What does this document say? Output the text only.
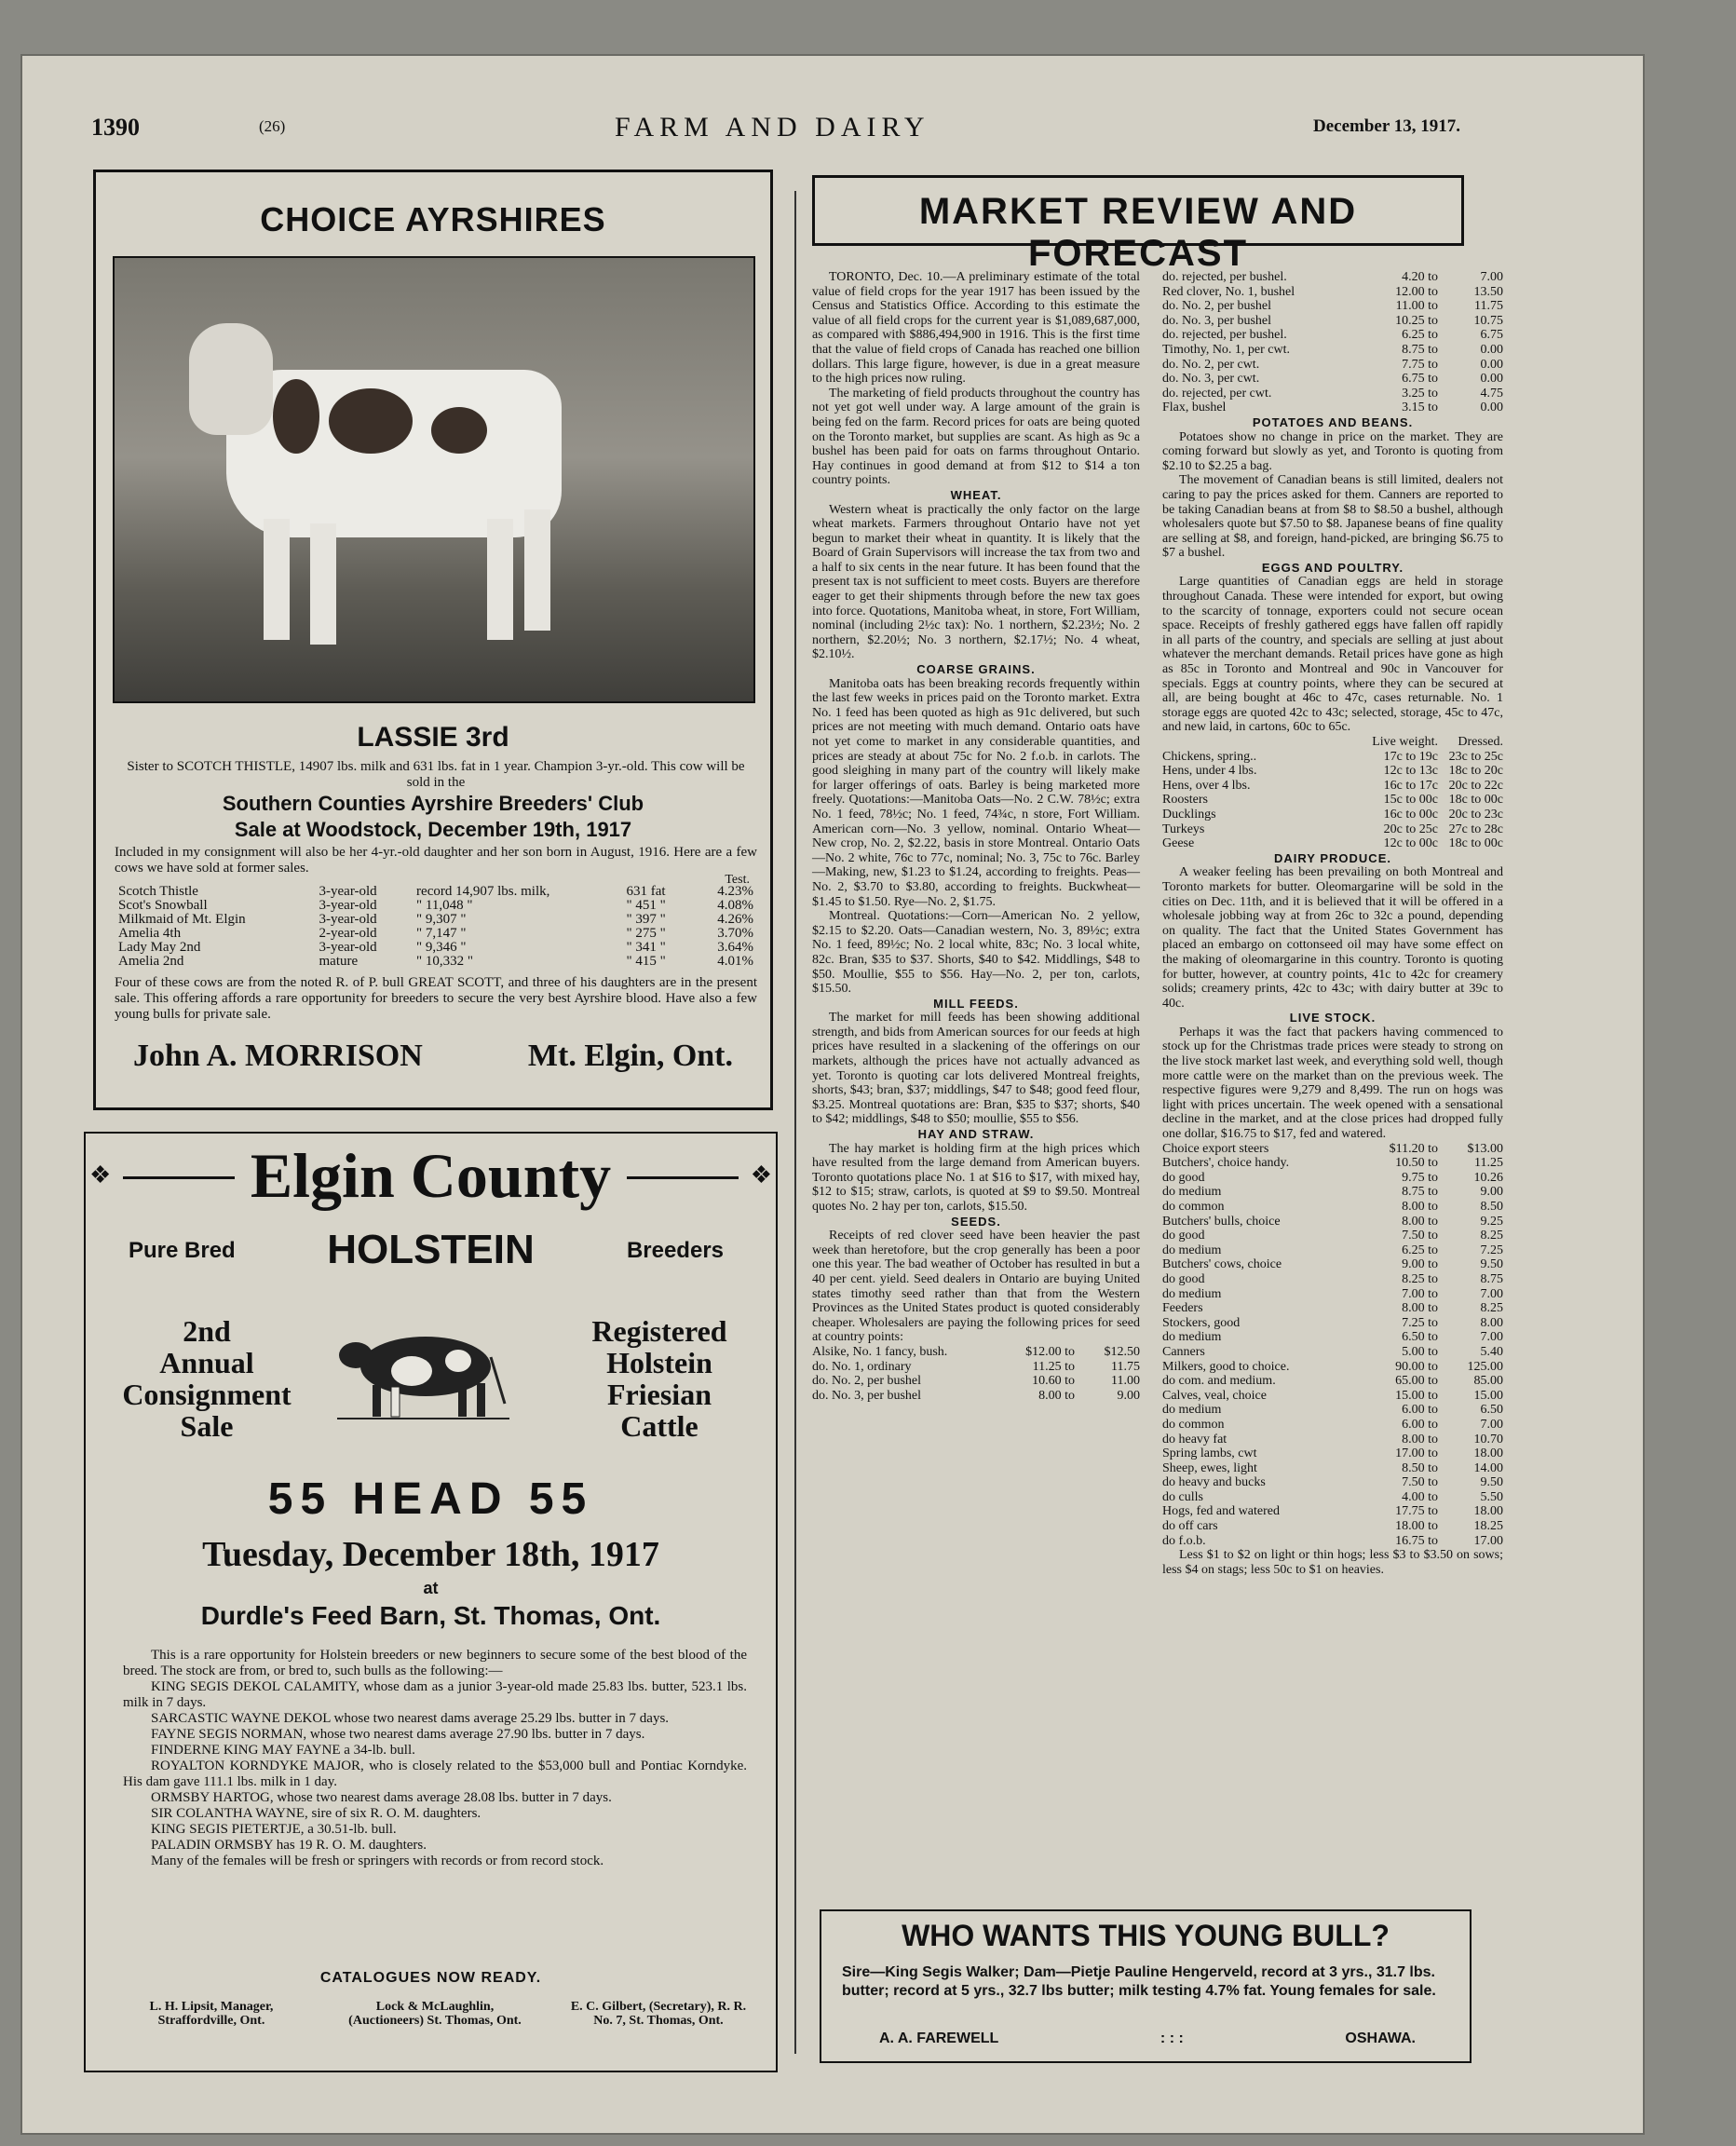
1390	(26)	FARM AND DAIRY	December 13, 1917.
CHOICE AYRSHIRES
LASSIE 3rd
Sister to SCOTCH THISTLE, 14907 lbs. milk and 631 lbs. fat in 1 year. Champion 3-yr.-old. This cow will be sold in the
Southern Counties Ayrshire Breeders' Club
Sale at Woodstock, December 19th, 1917
Included in my consignment will also be her 4-yr.-old daughter and her son born in August, 1916. Here are a few cows we have sold at former sales.
Scotch Thistle	3-year-old	record 14,907 lbs. milk,	631 fat	4.23%
Scot's Snowball	3-year-old	" 11,048 "	" 451 "	4.08%
Milkmaid of Mt. Elgin	3-year-old	" 9,307 "	" 397 "	4.26%
Amelia 4th	2-year-old	" 7,147 "	" 275 "	3.70%
Lady May 2nd	3-year-old	" 9,346 "	" 341 "	3.64%
Amelia 2nd	mature	" 10,332 "	" 415 "	4.01%
Test.
Four of these cows are from the noted R. of P. bull GREAT SCOTT, and three of his daughters are in the present sale. This offering affords a rare opportunity for breeders to secure the very best Ayrshire blood. Have also a few young bulls for private sale.
John A. MORRISON	Mt. Elgin, Ont.
❖	❖
Elgin County
Pure Bred	HOLSTEIN	Breeders
2nd
Annual
Consignment
Sale
Registered
Holstein
Friesian
Cattle
55 HEAD 55
Tuesday, December 18th, 1917
at
Durdle's Feed Barn, St. Thomas, Ont.
This is a rare opportunity for Holstein breeders or new beginners to secure some of the best blood of the breed. The stock are from, or bred to, such bulls as the following:—
KING SEGIS DEKOL CALAMITY, whose dam as a junior 3-year-old made 25.83 lbs. butter, 523.1 lbs. milk in 7 days.
SARCASTIC WAYNE DEKOL whose two nearest dams average 25.29 lbs. butter in 7 days.
FAYNE SEGIS NORMAN, whose two nearest dams average 27.90 lbs. butter in 7 days.
FINDERNE KING MAY FAYNE a 34-lb. bull.
ROYALTON KORNDYKE MAJOR, who is closely related to the $53,000 bull and Pontiac Korndyke. His dam gave 111.1 lbs. milk in 1 day.
ORMSBY HARTOG, whose two nearest dams average 28.08 lbs. butter in 7 days.
SIR COLANTHA WAYNE, sire of six R. O. M. daughters.
KING SEGIS PIETERTJE, a 30.51-lb. bull.
PALADIN ORMSBY has 19 R. O. M. daughters.
Many of the females will be fresh or springers with records or from record stock.
CATALOGUES NOW READY.
L. H. Lipsit, Manager, Straffordville, Ont.
Lock & McLaughlin, (Auctioneers) St. Thomas, Ont.
E. C. Gilbert, (Secretary), R. R. No. 7, St. Thomas, Ont.
MARKET REVIEW AND FORECAST

TORONTO, Dec. 10.—A preliminary estimate of the total value of field crops for the year 1917 has been issued by the Census and Statistics Office. According to this estimate the value of all field crops for the current year is $1,089,687,000, as compared with $886,494,900 in 1916. This is the first time that the value of field crops of Canada has reached one billion dollars. This large figure, however, is due in a great measure to the high prices now ruling.

The marketing of field products throughout the country has not yet got well under way. A large amount of the grain is being fed on the farm. Record prices for oats are being quoted on the Toronto market, but supplies are scant. As high as 9c a bushel has been paid for oats on farms throughout Ontario. Hay continues in good demand at from $12 to $14 a ton country points.

WHEAT.

Western wheat is practically the only factor on the large wheat markets. Farmers throughout Ontario have not yet begun to market their wheat in quantity. It is likely that the Board of Grain Supervisors will increase the tax from two and a half to six cents in the near future. It has been found that the present tax is not sufficient to meet costs. Buyers are therefore eager to get their shipments through before the new tax goes into force. Quotations, Manitoba wheat, in store, Fort William, nominal (including 2½c tax): No. 1 northern, $2.23½; No. 2 northern, $2.20½; No. 3 northern, $2.17½; No. 4 wheat, $2.10½.

COARSE GRAINS.

Manitoba oats has been breaking records frequently within the last few weeks in prices paid on the Toronto market. Extra No. 1 feed has been quoted as high as 91c delivered, but such prices are not meeting with much demand. Ontario oats have not yet come to market in any considerable quantities, and prices are steady at about 75c for No. 2 f.o.b. in carlots. The good sleighing in many part of the country will likely make for larger offerings of oats. Barley is being marketed more freely. Quotations:—Manitoba Oats—No. 2 C.W. 78½c; extra No. 1 feed, 78½c; No. 1 feed, 74¾c, n store, Fort William. American corn—No. 3 yellow, nominal. Ontario Wheat—New crop, No. 2, $2.22, basis in store Montreal. Ontario Oats—No. 2 white, 76c to 77c, nominal; No. 3, 75c to 76c. Barley—Making, new, $1.23 to $1.24, according to freights. Peas—No. 2, $3.70 to $3.80, according to freights. Buckwheat—$1.45 to $1.50. Rye—No. 2, $1.75.

Montreal. Quotations:—Corn—American No. 2 yellow, $2.15 to $2.20. Oats—Canadian western, No. 3, 89½c; extra No. 1 feed, 89½c; No. 2 local white, 83c; No. 3 local white, 82c. Bran, $35 to $37. Shorts, $40 to $42. Middlings, $48 to $50. Moullie, $55 to $56. Hay—No. 2, per ton, carlots, $15.50.

MILL FEEDS.

The market for mill feeds has been showing additional strength, and bids from American sources for our feeds at high prices have resulted in a slackening of the offerings on our markets, although the prices have not actually advanced as yet. Toronto is quoting car lots delivered Montreal freights, shorts, $43; bran, $37; middlings, $47 to $48; good feed flour, $3.25. Montreal quotations are: Bran, $35 to $37; shorts, $40 to $42; middlings, $48 to $50; moullie, $55 to $56.

HAY AND STRAW.

The hay market is holding firm at the high prices which have resulted from the large demand from American buyers. Toronto quotations place No. 1 at $16 to $17, with mixed hay, $12 to $15; straw, carlots, is quoted at $9 to $9.50. Montreal quotes No. 2 hay per ton, carlots, $15.50.

SEEDS.

Receipts of red clover seed have been heavier the past week than heretofore, but the crop generally has been a poor one this year. The bad weather of October has resulted in but a 40 per cent. yield. Seed dealers in Ontario are buying United states timothy seed rather than that from the Western Provinces as the United States product is quoted considerably cheaper. Wholesalers are paying the following prices for seed at country points:

Alsike, No. 1 fancy, bush.	$12.00 to	$12.50
do. No. 1, ordinary	11.25 to	11.75
do. No. 2, per bushel	10.60 to	11.00
do. No. 3, per bushel	8.00 to	9.00
do. rejected, per bushel.	4.20 to	7.00
Red clover, No. 1, bushel	12.00 to	13.50
do. No. 2, per bushel	11.00 to	11.75
do. No. 3, per bushel	10.25 to	10.75
do. rejected, per bushel.	6.25 to	6.75
Timothy, No. 1, per cwt.	8.75 to	0.00
do. No. 2, per cwt.	7.75 to	0.00
do. No. 3, per cwt.	6.75 to	0.00
do. rejected, per cwt.	3.25 to	4.75
Flax, bushel	3.15 to	0.00

POTATOES AND BEANS.

Potatoes show no change in price on the market. They are coming forward but slowly as yet, and Toronto is quoting from $2.10 to $2.25 a bag.

The movement of Canadian beans is still limited, dealers not caring to pay the prices asked for them. Canners are reported to be taking Canadian beans at from $8 to $8.50 a bushel, although wholesalers quote but $7.50 to $8. Japanese beans of fine quality are selling at $8, and foreign, hand-picked, are bringing $6.75 to $7 a bushel.

EGGS AND POULTRY.

Large quantities of Canadian eggs are held in storage throughout Canada. These were intended for export, but owing to the scarcity of tonnage, exporters could not secure ocean space. Receipts of freshly gathered eggs have fallen off rapidly in all parts of the country, and specials are selling at just about whatever the merchant demands. Retail prices have gone as high as 85c in Toronto and Montreal and 90c in Vancouver for specials. Eggs at country points, where they can be secured at all, are being bought at 46c to 47c, cases returnable. No. 1 storage eggs are quoted 42c to 43c; selected, storage, 45c to 47c, and new laid, in cartons, 60c to 65c.

Live weight.	Dressed.
Chickens, spring..	17c to 19c 23c to 25c
Hens, under 4 lbs.	12c to 13c 18c to 20c
Hens, over 4 lbs.	16c to 17c 20c to 22c
Roosters	15c to 00c 18c to 00c
Ducklings	16c to 00c 20c to 23c
Turkeys	20c to 25c 27c to 28c
Geese	12c to 00c 18c to 00c

DAIRY PRODUCE.

A weaker feeling has been prevailing on both Montreal and Toronto markets for butter. Oleomargarine will be sold in the cities on Dec. 11th, and it is believed that it will be offered in a wholesale jobbing way at from 26c to 32c a pound, depending on quality. The fact that the United States Government has placed an embargo on cottonseed oil may have some effect on the making of oleomargarine in this country. Toronto is quoting for butter, however, at country points, 41c to 42c for creamery solids; creamery prints, 42c to 43c; with dairy butter at 39c to 40c.

LIVE STOCK.

Perhaps it was the fact that packers having commenced to stock up for the Christmas trade prices were steady to strong on the live stock market last week, and everything sold well, though more cattle were on the market than on the previous week. The respective figures were 9,279 and 8,499. The run on hogs was light with prices uncertain. The week opened with a sensational decline in the market, and at the close prices had dropped fully one dollar, $16.75 to $17, fed and watered.

Choice export steers	$11.20 to	$13.00
Butchers', choice handy.	10.50 to	11.25
do good	9.75 to	10.26
do medium	8.75 to	9.00
do common	8.00 to	8.50
Butchers' bulls, choice	8.00 to	9.25
do good	7.50 to	8.25
do medium	6.25 to	7.25
Butchers' cows, choice	9.00 to	9.50
do good	8.25 to	8.75
do medium	7.00 to	7.00
Feeders	8.00 to	8.25
Stockers, good	7.25 to	8.00
do medium	6.50 to	7.00
Canners	5.00 to	5.40
Milkers, good to choice.	90.00 to	125.00
do com. and medium.	65.00 to	85.00
Calves, veal, choice	15.00 to	15.00
do medium	6.00 to	6.50
do common	6.00 to	7.00
do heavy fat	8.00 to	10.70
Spring lambs, cwt	17.00 to	18.00
Sheep, ewes, light	8.50 to	14.00
do heavy and bucks	7.50 to	9.50
do culls	4.00 to	5.50
Hogs, fed and watered	17.75 to	18.00
do off cars	18.00 to	18.25
do f.o.b.	16.75 to	17.00

Less $1 to $2 on light or thin hogs; less $3 to $3.50 on sows; less $4 on stags; less 50c to $1 on heavies.

WHO WANTS THIS YOUNG BULL?
Sire—King Segis Walker; Dam—Pietje Pauline Hengerveld, record at 3 yrs., 31.7 lbs. butter; record at 5 yrs., 32.7 lbs butter; milk testing 4.7% fat. Young females for sale.
A. A. FAREWELL	: : :	OSHAWA.
